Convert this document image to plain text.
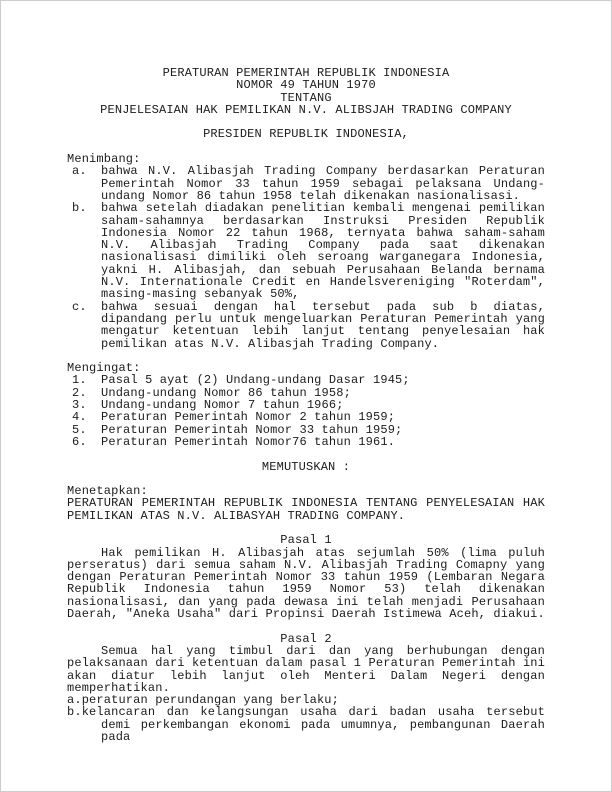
PERATURAN PEMERINTAH REPUBLIK INDONESIA
NOMOR 49 TAHUN 1970
TENTANG
PENJELESAIAN HAK PEMILIKAN N.V. ALIBSJAH TRADING COMPANY
PRESIDEN REPUBLIK INDONESIA,
Menimbang:
a.	bahwa N.V. Alibasjah Trading Company berdasarkan Peraturan Pemerintah Nomor 33 tahun 1959 sebagai pelaksana Undang-undang Nomor 86 tahun 1958 telah dikenakan nasionalisasi.
b.	bahwa setelah diadakan penelitian kembali mengenai pemilikan saham-sahamnya berdasarkan Instruksi Presiden Republik Indonesia Nomor 22 tahun 1968, ternyata bahwa saham-saham N.V. Alibasjah Trading Company pada saat dikenakan nasionalisasi dimiliki oleh seroang warganegara Indonesia, yakni H. Alibasjah, dan sebuah Perusahaan Belanda bernama N.V. Internationale Credit en Handelsvereniging "Roterdam", masing-masing sebanyak 50%,
c.	bahwa sesuai dengan hal tersebut pada sub b diatas, dipandang perlu untuk mengeluarkan Peraturan Pemerintah yang mengatur ketentuan lebih lanjut tentang penyelesaian hak pemilikan atas N.V. Alibasjah Trading Company.
Mengingat:
1.	Pasal 5 ayat (2) Undang-undang Dasar 1945;
2.	Undang-undang Nomor 86 tahun 1958;
3.	Undang-undang Nomor 7 tahun 1966;
4.	Peraturan Pemerintah Nomor 2 tahun 1959;
5.	Peraturan Pemerintah Nomor 33 tahun 1959;
6.	Peraturan Pemerintah Nomor76 tahun 1961.
MEMUTUSKAN :
Menetapkan:
PERATURAN PEMERINTAH REPUBLIK INDONESIA TENTANG PENYELESAIAN HAK PEMILIKAN ATAS N.V. ALIBASYAH TRADING COMPANY.
Pasal 1
Hak pemilikan H. Alibasjah atas sejumlah 50% (lima puluh perseratus) dari semua saham N.V. Alibasjah Trading Comapny yang dengan Peraturan Pemerintah Nomor 33 tahun 1959 (Lembaran Negara Republik Indonesia tahun 1959 Nomor 53) telah dikenakan nasionalisasi, dan yang pada dewasa ini telah menjadi Perusahaan Daerah, "Aneka Usaha" dari Propinsi Daerah Istimewa Aceh, diakui.
Pasal 2
Semua hal yang timbul dari dan yang berhubungan dengan pelaksanaan dari ketentuan dalam pasal 1 Peraturan Pemerintah ini akan diatur lebih lanjut oleh Menteri Dalam Negeri dengan memperhatikan.
a.peraturan perundangan yang berlaku;
b.kelancaran dan kelangsungan usaha dari badan usaha tersebut demi perkembangan ekonomi pada umumnya, pembangunan Daerah pada
